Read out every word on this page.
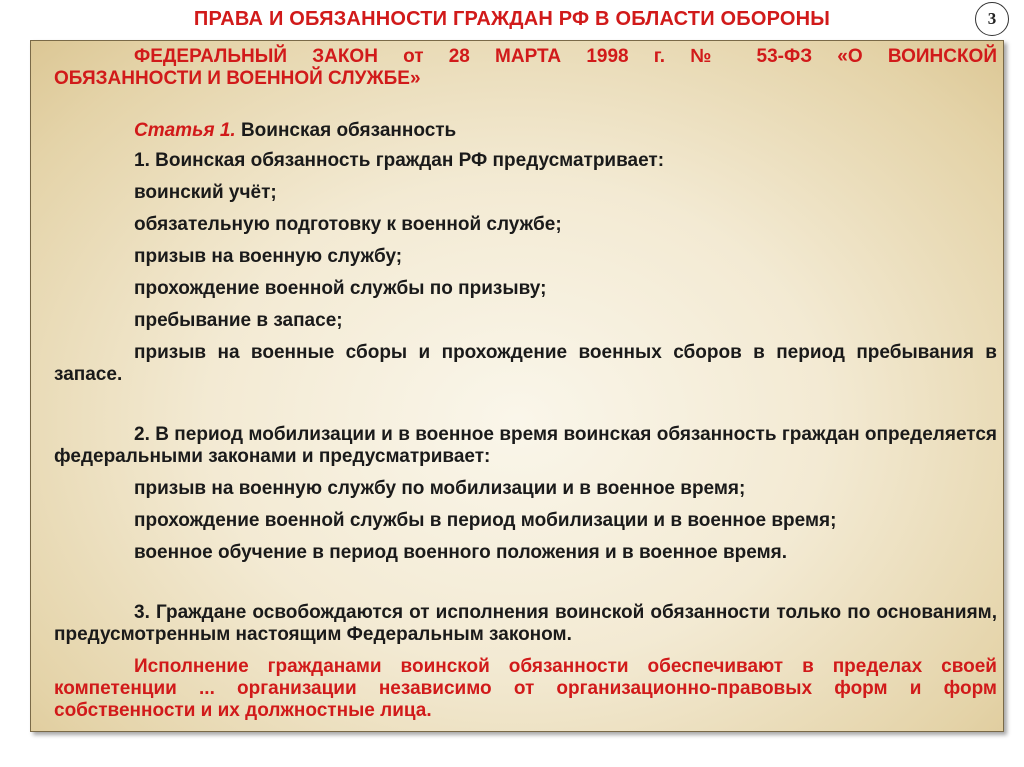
ПРАВА И ОБЯЗАННОСТИ ГРАЖДАН РФ В ОБЛАСТИ ОБОРОНЫ	3
ФЕДЕРАЛЬНЫЙ ЗАКОН от 28 МАРТА 1998 г. № 53-ФЗ «О ВОИНСКОЙ
ОБЯЗАННОСТИ И ВОЕННОЙ СЛУЖБЕ»

Статья 1. Воинская обязанность

1. Воинская обязанность граждан РФ предусматривает:

воинский учёт;

обязательную подготовку к военной службе;

призыв на военную службу;

прохождение военной службы по призыву;

пребывание в запасе;

призыв на военные сборы и прохождение военных сборов в период пребывания в запасе.

2. В период мобилизации и в военное время воинская обязанность граждан определяется федеральными законами и предусматривает:

призыв на военную службу по мобилизации и в военное время;

прохождение военной службы в период мобилизации и в военное время;

военное обучение в период военного положения и в военное время.

3. Граждане освобождаются от исполнения воинской обязанности только по основаниям, предусмотренным настоящим Федеральным законом.

Исполнение гражданами воинской обязанности обеспечивают в пределах своей компетенции ... организации независимо от организационно-правовых форм и форм собственности и их должностные лица.
